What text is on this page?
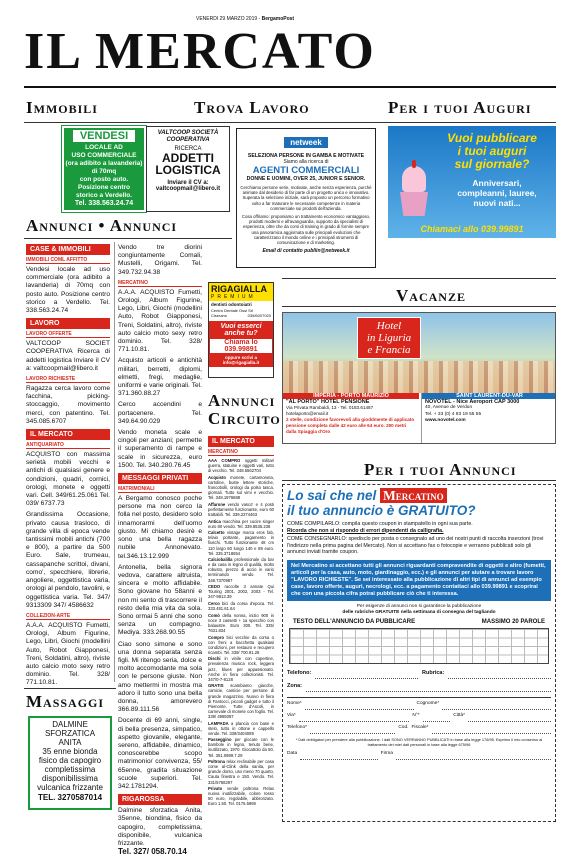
VENERDI 29 MARZO 2019 - BergamoPost
IL MERCATO
Immobili	Trova Lavoro	Per i tuoi Auguri
VENDESI
LOCALE AD
USO COMMERCIALE
(ora adibito a lavanderia)
di 70mq
con posto auto.
Posizione centro
storico a Verdello.
Tel. 338.563.24.74
VALTCOOP SOCIETÀ COOPERATIVA
RICERCA
ADDETTI
LOGISTICA
Inviare il CV a:
valtcoopmail@libero.it
netweek
SELEZIONA PERSONE IN GAMBA E MOTIVATE
Siamo alla ricerca di
AGENTI COMMERCIALI
DONNE E UOMINI, OVER 25, JUNIOR E SENIOR.
Cerchiamo persone serie, motivate, anche senza esperienza, purché animate dal desiderio di far parte di un progetto unico e innovativo. Superata la selezione iniziale, sarà proposto un percorso formativo volto a far maturare le necessarie competenze in materia commerciale sui prodotti dell'azienda.
Cosa offriamo: proponiamo un trattamento economico vantaggioso, prodotti moderni e all'avanguardia, supporto da specialisti di esperienza, oltre che da corsi di training in grado di fornire sempre una panoramica aggiornata sulle principali evoluzioni che caratterizzano il mondo online e i principali strumenti di comunicazione e di marketing.
Email di contatto publiin@netweek.it
Vuoi pubblicare
i tuoi auguri
sul giornale?
Anniversari,
compleanni, lauree,
nuovi nati...
Chiamaci allo 039.99891
Annunci • Annunci
CASE & IMMOBILI
IMMOBILI COML AFFITTO
Vendesi locale ad uso commerciale (ora adibito a lavanderia) di 70mq con posto auto. Posizione centro storico a Verdello. Tel. 338.563.24.74
LAVORO
LAVORO OFFERTE
VALTCOOP SOCIET COOPERATIVA Ricerca di addetti logistica Inviare il CV a: valtcoopmail@libero.it
LAVORO RICHIESTE
Ragazza cerca lavoro come facchina, picking- stoccaggio, movimento merci, con patentino. Tel. 345.085.6707
IL MERCATO
ANTIQUARIATO
ACQUISTO con massima serietà mobili vecchi e antichi di qualsiasi genere e condizioni, quadri, cornici, orologi, monete e oggetti vari. Cell. 349/61.25.061 Tel. 039/ 6737.73
Grandissima Occasione, privato causa trasloco, di grande villa di epoca vende tantissimi mobili antichi (700 e 800), a partire da 500 Euro. Sale, trumeau, cassapanche scrittoi, divani, como', specchiere, librerie, angoliere, oggettistica varia, orologi al pendolo, tavolini, e oggettistica varia. Tel. 347/ 9313309 347/ 4586632
COLLEZION-ARTE
A.A.A. ACQUISTO Fumetti, Orologi, Album Figurine, Lego, Libri, Giochi (modellini Auto, Robot Giapponesi, Treni, Soldatini, altro), riviste auto calcio moto sexy retro dominio. Tel. 328/ 771.10.81.
Vendo tre diorini congiuntamente Comali, Mustelli, Origami. Tel. 349.732.94.38
MERCATINO
A.A.A. ACQUISTO Fumetti, Orologi, Album Figurine, Lego, Libri, Giochi (modellini Auto, Robot Giapponesi, Treni, Soldatini, altro), riviste auto calcio moto sexy retro dominio. Tel. 328/ 771.10.81.
Acquisto articoli e antichità militari, berretti, diplomi, elmetti, fregi, medaglie, uniformi e varie originali. Tel. 371.360.88.27
Cerco accendini e portacenere. Tel. 349.64.90.029
Vendo moneta scale e cingoli per anziani; permette il superamento di rampe e scale in sicurezza, euro 1500. Tel. 340.280.76.45
MESSAGGI PRIVATI
MATRIMONIALI
A Bergamo conosco poche persone ma non cerco la folla nel posto, desidero solo innamorarmi dell'uomo giusto. Mi chiamo desirè e sono una bella ragazza nubile Annonevato. tel.346.13.12.999
Antonella, bella signora vedova, carattere altruista, sincera e molto affidabile. Sono giovane ho 58anni e non mi sento di trascorrere il resto della mia vita da sola. Sono ormai 5 anni che sono senza un compagno. Mediya. 333.268.90.55
Ciao sono simone e sono una donna separata senza figli. Mi ritengo seria, dolce e molto accomodante ma sola con le persone giuste. Non amo mettermi in mostra ma adoro il tutto sono una bella donna, amorevero 366.89.111.56
Docente di 69 anni, single, di bella presenza, simpatico, aspetto giovanile, elegante, sereno, affidabile, dinamico, conoscerebbe scopo matrimonio/ convivenza, 55/ 65enne, gradita situazione scuole superiori. Tel. 342.1781294.
RIGAROSSA
Dalmine sforzatica Anita, 35enne, biondina, fisico da capogiro, completissima, disponibile, vulcanica frizzante.
Tel. 327/ 058.70.14
Massaggi
DALMINE
SFORZATICA
ANITA
35 enne bionda
fisico da capogiro
completissima
disponibilissima
vulcanica frizzante
TEL. 3270587014
RIGAGIALLA
PREMIUM
dentisti odontoiatri
Centro Dentale Ossi Srl
Ciserano	035/6007020
Vuoi esserci anche tu?
Chiama lo 039.99891
oppure scrivi a info@rigagialla.it
Annunci Circuito
IL MERCATO
MERCATINO
AAA COMPRO oggetti militari guerra, statuine e oggetti vari, tutto di vecchio. Tel. 348.5562704
Acquisto monete, cartamoneta, cartoline, buste lettere storiche, francobolli, orologi da polso tasca, giornali. Tutto sul vimi e vecchio. Tel. 348.1976688
Affarone vendo vasco' e 4 posti perfettamente funzionante, euro 60 trattabili. Tel. 339.2274463
Antica macchina per cucire singer euro 80 vendo. Tel. 339.8535.238
Calcetto vintage marca eros fab, telaio portante, pagamento in fiuschi. Tutto funzionante 48 cm 110 largo 60 lungo 140 e 89 euro. Tel. 335.3718654
Calciobalilla professionale da bar e da casa in legno di qualità, molto robusto, prezzo di accio in vario terminando vendo. Tel. 348.7370987
CEDO raccolte 3 annate Qui Touring 2001, 2002, 2003 - Tel. 347-9813.39
Cerco bici da corsa d'epoca. Tel. 333.481.61.64
Comò della nonna, inizio 900 in noce 3 cassetti + 1a specchio con balaustre. Euro 300. Tel. 335/ 7631.834
Compro bici vecchie da corsa o con freni a bacchetta qualsiasi condizioni, per restauro e recupero ricambi. Tel. 339/ 700.91.28
Dischi in vinile con copertine, prevalenza musica rock, leggera jazz, blues per appassionato. Anche in fiera collezionisti. Tel. 347/0-7-8128
GRATIS scambiamo giacche, camicie, camicie per persone di grande magazzino. Nuovo in fiera di Fantocci, piccoli gadget e tutto il Piemonte. Tutte d'Ascoli, in carnevale di monete con foglio. Tel. 339/ 4965087
LAMPADA a plancia con base e stelo, tutto in ottone e cappello vende. Tel. 339/3404089
Passeggino per giocare con le bambole in legno, tenuto bene, inutilizzato, 1970. Giocattolo da 50. Tel. 351.0989.7.29
Poltrona relax reclinabile per casa come al-Clink della sanita, per grande dorso, uso meno 70 quarto. Cauta finestra e 150. Vendo. Tel. 331/5768297
Privato vende poltrona Relax nuova inutilizzabile, colore rosso 50 euro, regolabile, abbronzato. Euro 1.50. Tel. 0175.5969
Vacanze
Hotel
in Liguria
e Francia
IMPERIA - PORTO MAURIZIO
"AL PORTO" HOTEL PENSIONE
Via Privata Rambaldi, 13 - Tel. 0183.61487
hotelaporto@email.it
2 stelle, condizione favorevoli alla gioddmente di applicato pensione completa dalle 42 euro alle 64 euro. 200 metri dalla Spiaggia d'Oro
SAINT LAURENT-DU-VAR
NOVOTEL - Nice Aeroport CAP 3000
40, Avenue de Verdun
Tel. + 33 (0) 4 93 19 55 55
www.novotel.com
Per i tuoi Annunci
Lo sai che nel Mercatino
il tuo annuncio è GRATUITO?
COME COMPILARLO: compila questo coupon in stampatello in ogni sua parte.
Ricorda che non si rispondo di errori dipendenti da calligrafia.
COME CONSEGNARLO: spedisclo per posta o consegnalo ad uno dei nostri punti di raccolta inserzioni (trovi l'indirizzo nella prima pagina del Mercato). Non si accettano fax o fotocopie e verranno pubblicati solo gli annunci inviati tramite coupon.
Nel Mercatino si accettano tutti gli annunci riguardanti compravendite di oggetti e altro (fumetti, articoli per la casa, auto, moto, giardinaggio, ecc.) e gli annunci per aiutare a trovare lavoro "LAVORO RICHIESTE". Se sei interessato alla pubblicazione di altri tipi di annunci ad esempio case, lavoro offerte, auguri, necrologi, ecc. a pagamento contattaci allo 039.99891 e scoprirai che con una piccola cifra potrai pubblicare ciò che ti interessa.
Per esigenze di annunci non si garantisce la pubblicazione
delle rubriche GRATUITE nella settimana di consegna del tagliando
TESTO DELL'ANNUNCIO DA PUBBLICARE	MASSIMO 20 PAROLE
Telefono:	Rubrica:
Zona:
Nome*	Cognome*
Via*	N°*	Città*
Telefono*	Cod. Fiscale*
* Dati obbligatori per prendere alla pubblicazione. I dati SONO VERRANNO PUBBLICATI in base alla legge 176/95. Esprimo il mio consenso al trattamento dei miei dati personali in base alla legge 675/96
Data	Firma
